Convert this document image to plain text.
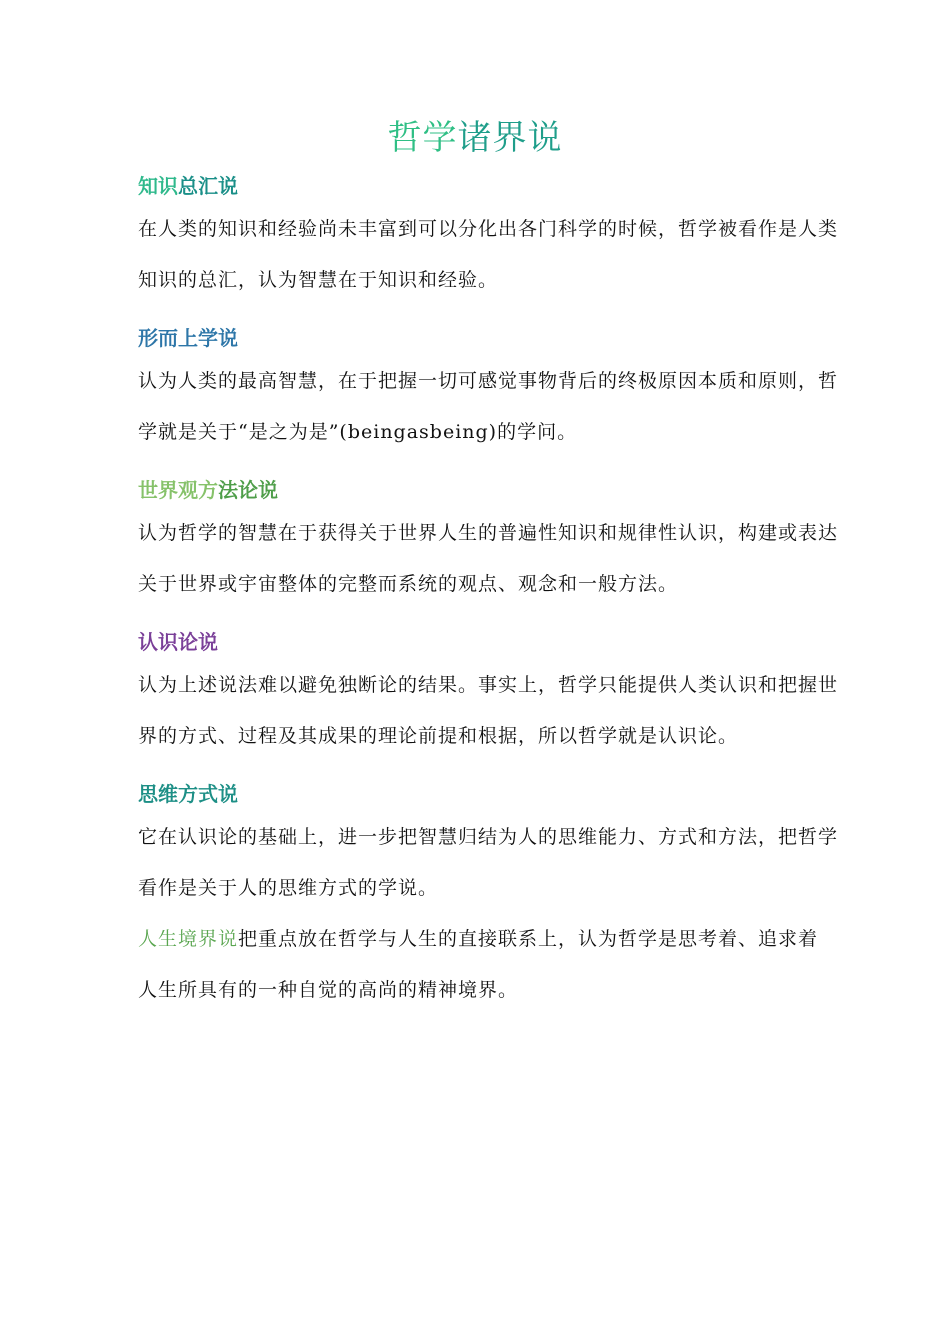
哲学诸界说
知识总汇说

在人类的知识和经验尚未丰富到可以分化出各门科学的时候，哲学被看作是人类知识的总汇，认为智慧在于知识和经验。

形而上学说

认为人类的最高智慧，在于把握一切可感觉事物背后的终极原因本质和原则，哲学就是关于“是之为是”(beingasbeing)的学问。

世界观方法论说

认为哲学的智慧在于获得关于世界人生的普遍性知识和规律性认识，构建或表达关于世界或宇宙整体的完整而系统的观点、观念和一般方法。

认识论说

认为上述说法难以避免独断论的结果。事实上，哲学只能提供人类认识和把握世界的方式、过程及其成果的理论前提和根据，所以哲学就是认识论。

思维方式说

它在认识论的基础上，进一步把智慧归结为人的思维能力、方式和方法，把哲学看作是关于人的思维方式的学说。

人生境界说把重点放在哲学与人生的直接联系上，认为哲学是思考着、追求着人生所具有的一种自觉的高尚的精神境界。
